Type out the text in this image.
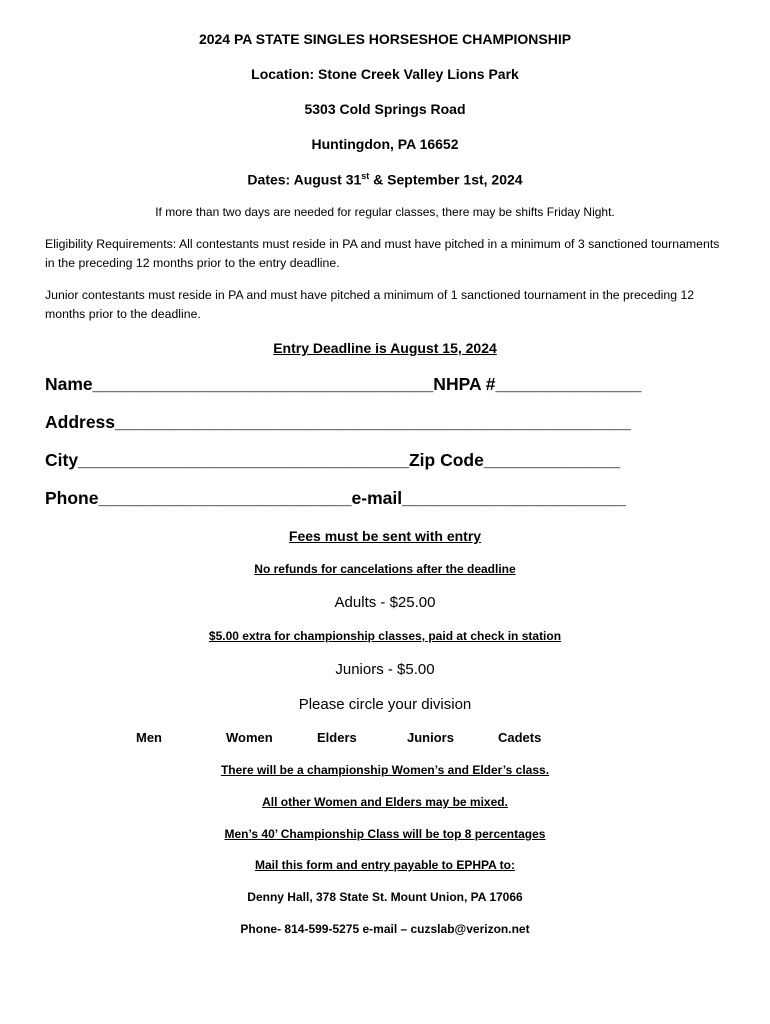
2024 PA STATE SINGLES HORSESHOE CHAMPIONSHIP
Location: Stone Creek Valley Lions Park
5303 Cold Springs Road
Huntingdon, PA 16652
Dates: August 31st & September 1st, 2024
If more than two days are needed for regular classes, there may be shifts Friday Night.
Eligibility Requirements: All contestants must reside in PA and must have pitched in a minimum of 3 sanctioned tournaments in the preceding 12 months prior to the entry deadline.
Junior contestants must reside in PA and must have pitched a minimum of 1 sanctioned tournament in the preceding 12 months prior to the deadline.
Entry Deadline is August 15, 2024
Name___________________________________NHPA #_______________
Address_____________________________________________________
City__________________________________Zip Code______________
Phone__________________________e-mail_______________________
Fees must be sent with entry
No refunds for cancelations after the deadline
Adults - $25.00
$5.00 extra for championship classes, paid at check in station
Juniors - $5.00
Please circle your division
Men	Women	Elders	Juniors	Cadets
There will be a championship Women’s and Elder’s class.
All other Women and Elders may be mixed.
Men’s 40’ Championship Class will be top 8 percentages
Mail this form and entry payable to EPHPA to:
Denny Hall, 378 State St. Mount Union, PA 17066
Phone- 814-599-5275 e-mail – cuzslab@verizon.net
